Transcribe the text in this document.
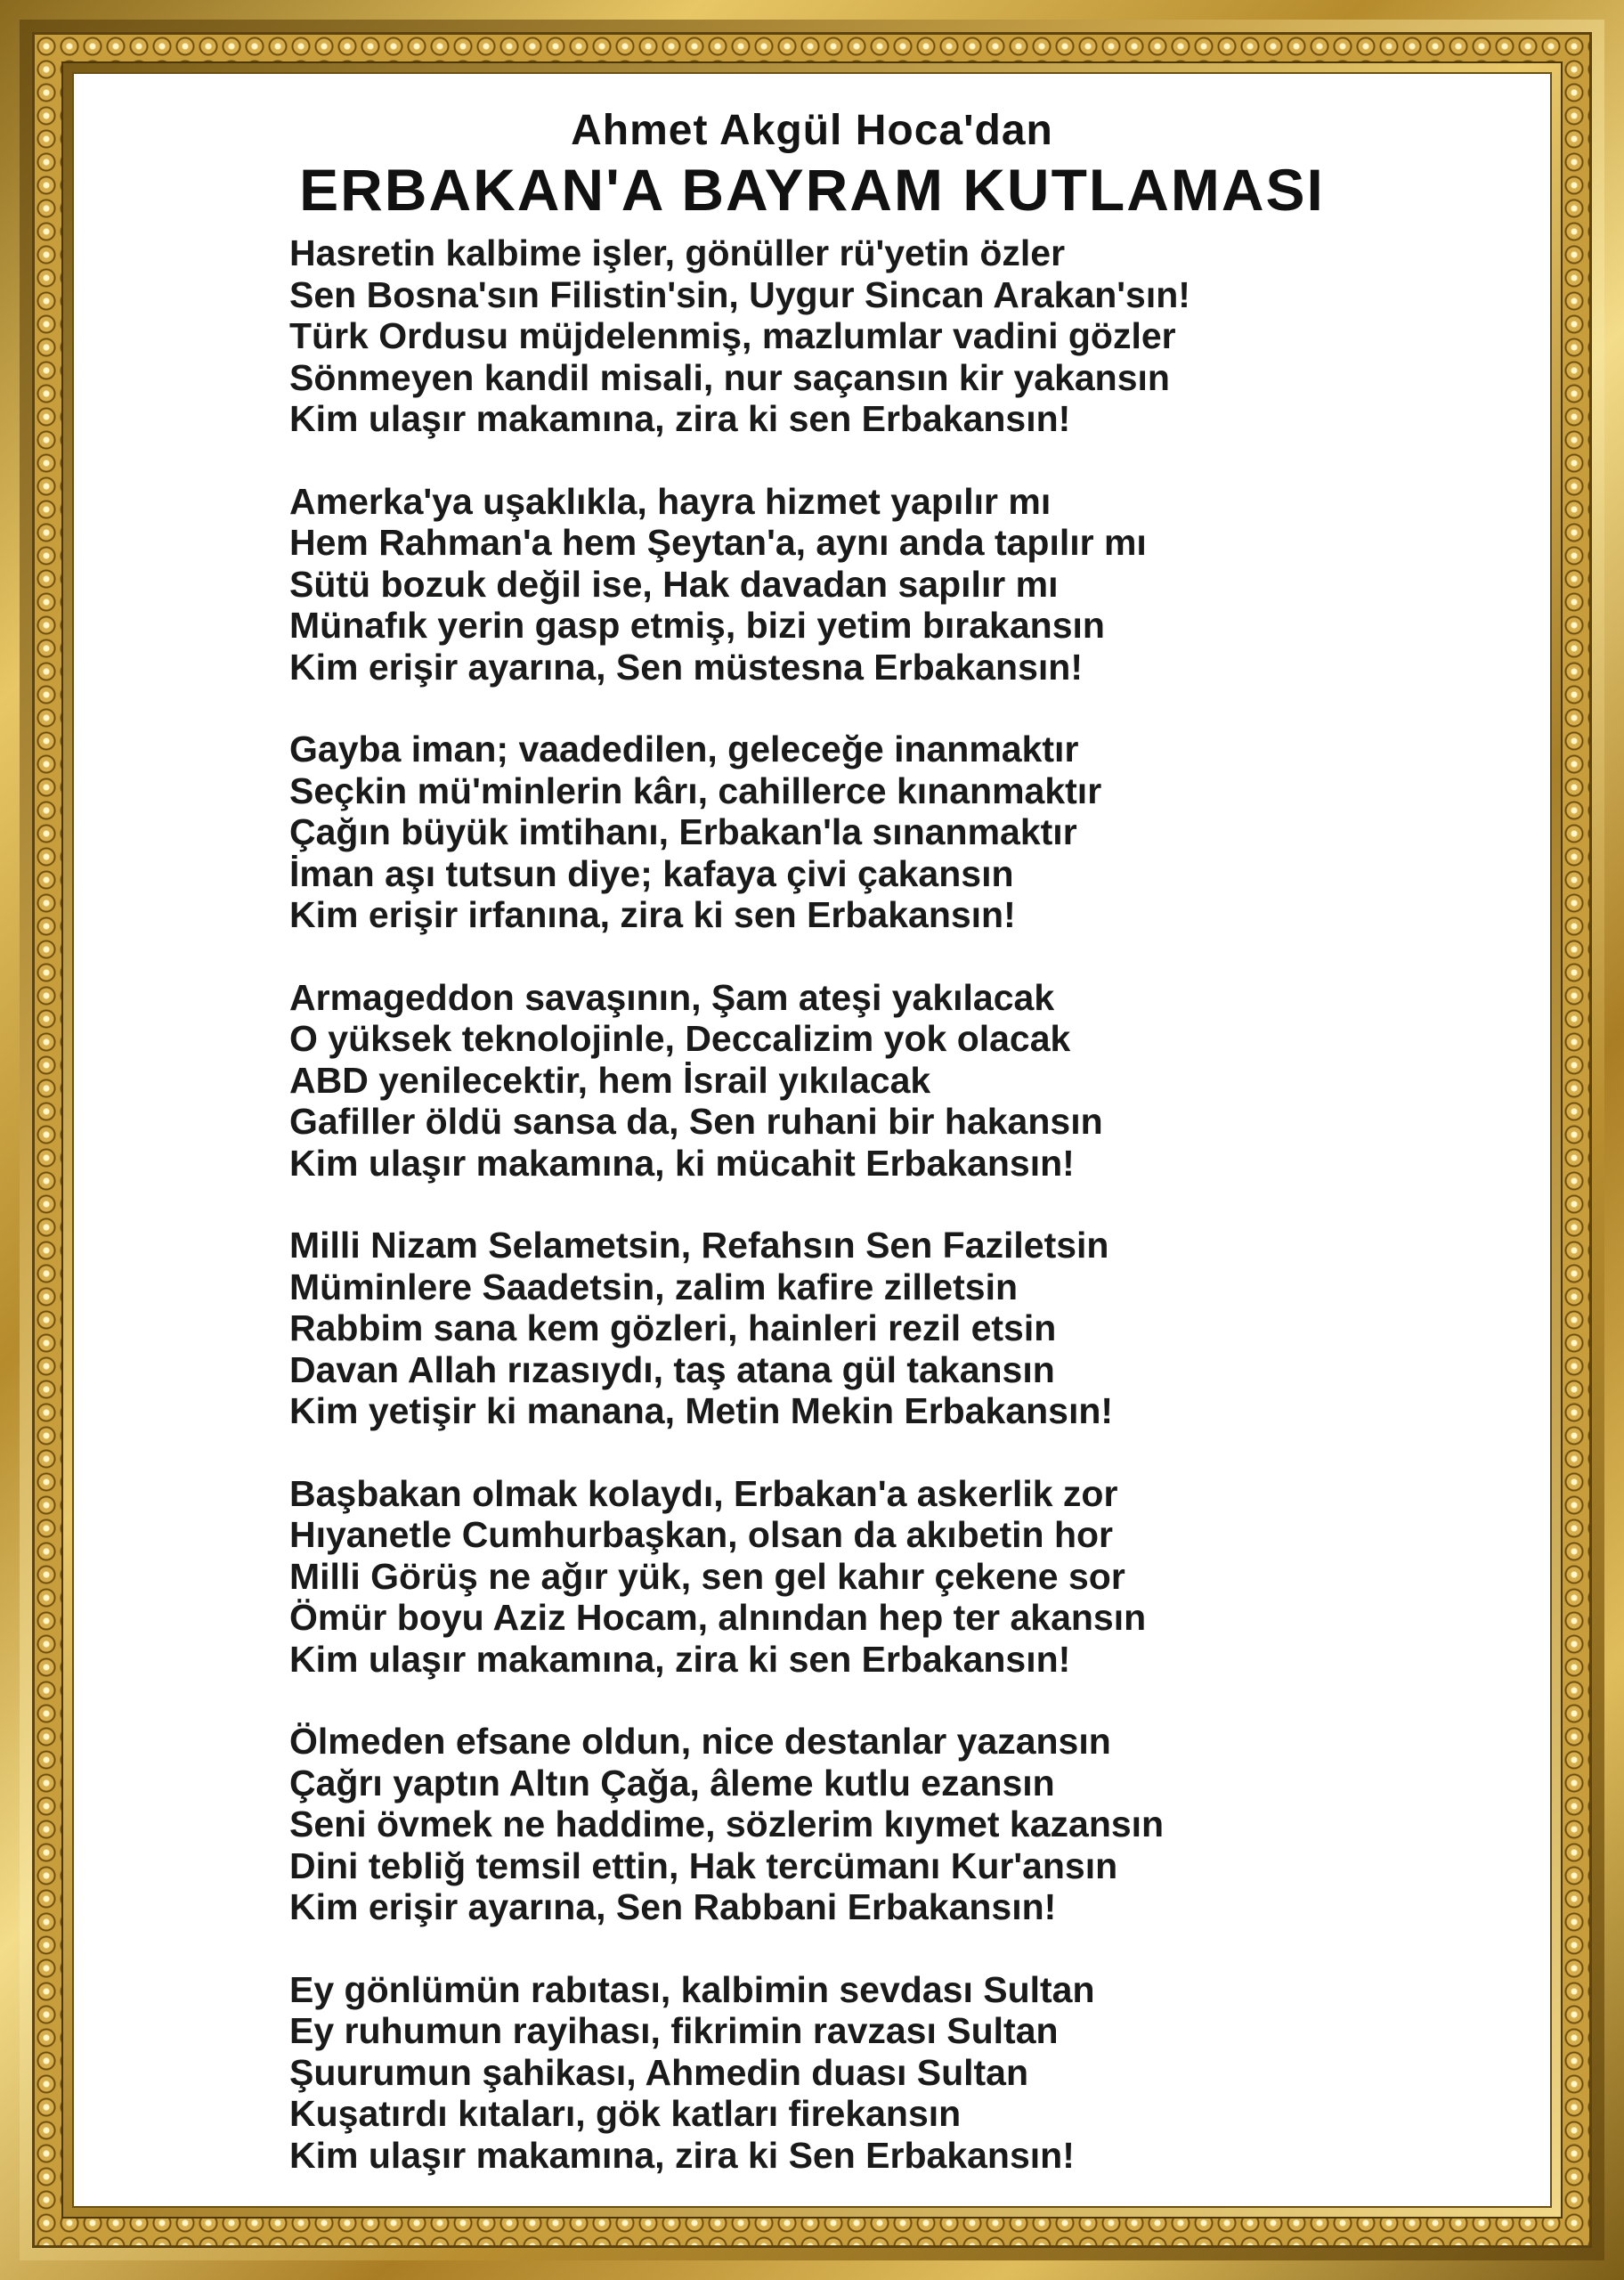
Ahmet Akgül Hoca'dan
ERBAKAN'A BAYRAM KUTLAMASI
Hasretin kalbime işler, gönüller rü'yetin özler
Sen Bosna'sın Filistin'sin, Uygur Sincan Arakan'sın!
Türk Ordusu müjdelenmiş, mazlumlar vadini gözler
Sönmeyen kandil misali, nur saçansın kir yakansın
Kim ulaşır makamına, zira ki sen Erbakansın!
Amerka'ya uşaklıkla, hayra hizmet yapılır mı
Hem Rahman'a hem Şeytan'a, aynı anda tapılır mı
Sütü bozuk değil ise, Hak davadan sapılır mı
Münafık yerin gasp etmiş, bizi yetim bırakansın
Kim erişir ayarına, Sen müstesna Erbakansın!
Gayba iman; vaadedilen, geleceğe inanmaktır
Seçkin mü'minlerin kârı, cahillerce kınanmaktır
Çağın büyük imtihanı, Erbakan'la sınanmaktır
İman aşı tutsun diye; kafaya çivi çakansın
Kim erişir irfanına, zira ki sen Erbakansın!
Armageddon savaşının, Şam ateşi yakılacak
O yüksek teknolojinle, Deccalizim yok olacak
ABD yenilecektir, hem İsrail yıkılacak
Gafiller öldü sansa da, Sen ruhani bir hakansın
Kim ulaşır makamına, ki mücahit Erbakansın!
Milli Nizam Selametsin, Refahsın Sen Faziletsin
Müminlere Saadetsin, zalim kafire zilletsin
Rabbim sana kem gözleri, hainleri rezil etsin
Davan Allah rızasıydı, taş atana gül takansın
Kim yetişir ki manana, Metin Mekin Erbakansın!
Başbakan olmak kolaydı, Erbakan'a askerlik zor
Hıyanetle Cumhurbaşkan, olsan da akıbetin hor
Milli Görüş ne ağır yük, sen gel kahır çekene sor
Ömür boyu Aziz Hocam, alnından hep ter akansın
Kim ulaşır makamına, zira ki sen Erbakansın!
Ölmeden efsane oldun, nice destanlar yazansın
Çağrı yaptın Altın Çağa, âleme kutlu ezansın
Seni övmek ne haddime, sözlerim kıymet kazansın
Dini tebliğ temsil ettin, Hak tercümanı Kur'ansın
Kim erişir ayarına, Sen Rabbani Erbakansın!
Ey gönlümün rabıtası, kalbimin sevdası Sultan
Ey ruhumun rayihası, fikrimin ravzası Sultan
Şuurumun şahikası, Ahmedin duası Sultan
Kuşatırdı kıtaları, gök katları firekansın
Kim ulaşır makamına, zira ki Sen Erbakansın!
